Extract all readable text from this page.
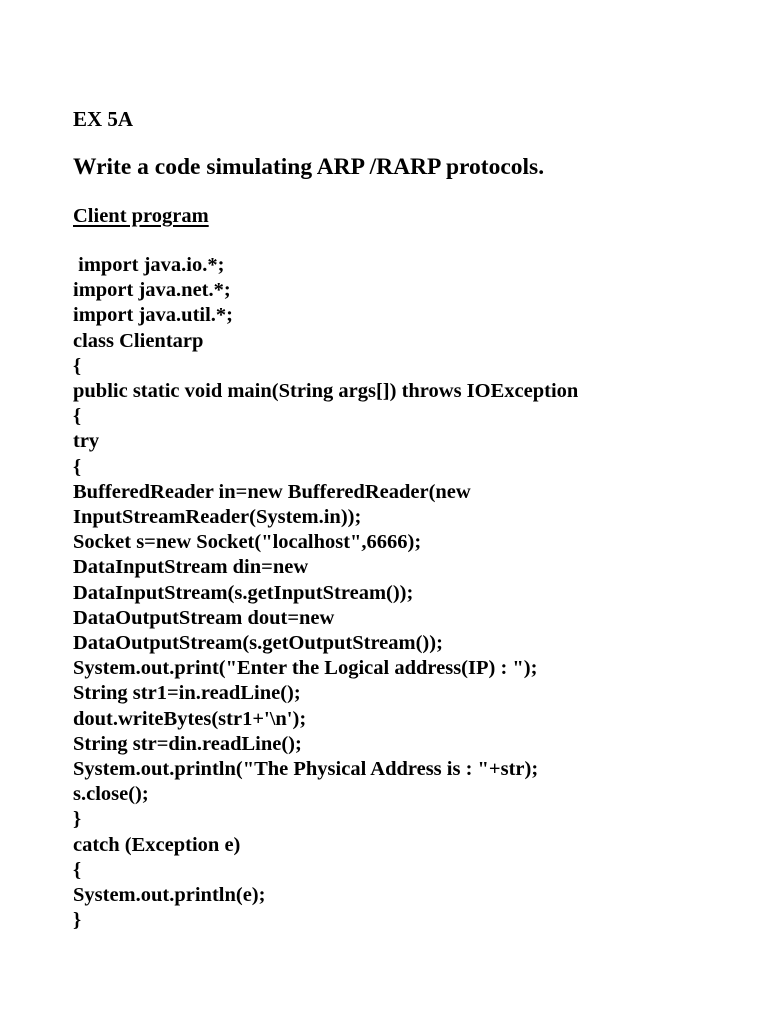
EX 5A

Write a code simulating ARP /RARP protocols.

Client program

import java.io.*;
import java.net.*;
import java.util.*;
class Clientarp
{
public static void main(String args[]) throws IOException
{
try
{
BufferedReader in=new BufferedReader(new
InputStreamReader(System.in));
Socket s=new Socket("localhost",6666);
DataInputStream din=new
DataInputStream(s.getInputStream());
DataOutputStream dout=new
DataOutputStream(s.getOutputStream());
System.out.print("Enter the Logical address(IP) : ");
String str1=in.readLine();
dout.writeBytes(str1+'\n');
String str=din.readLine();
System.out.println("The Physical Address is : "+str);
s.close();
}
catch (Exception e)
{
System.out.println(e);
}
